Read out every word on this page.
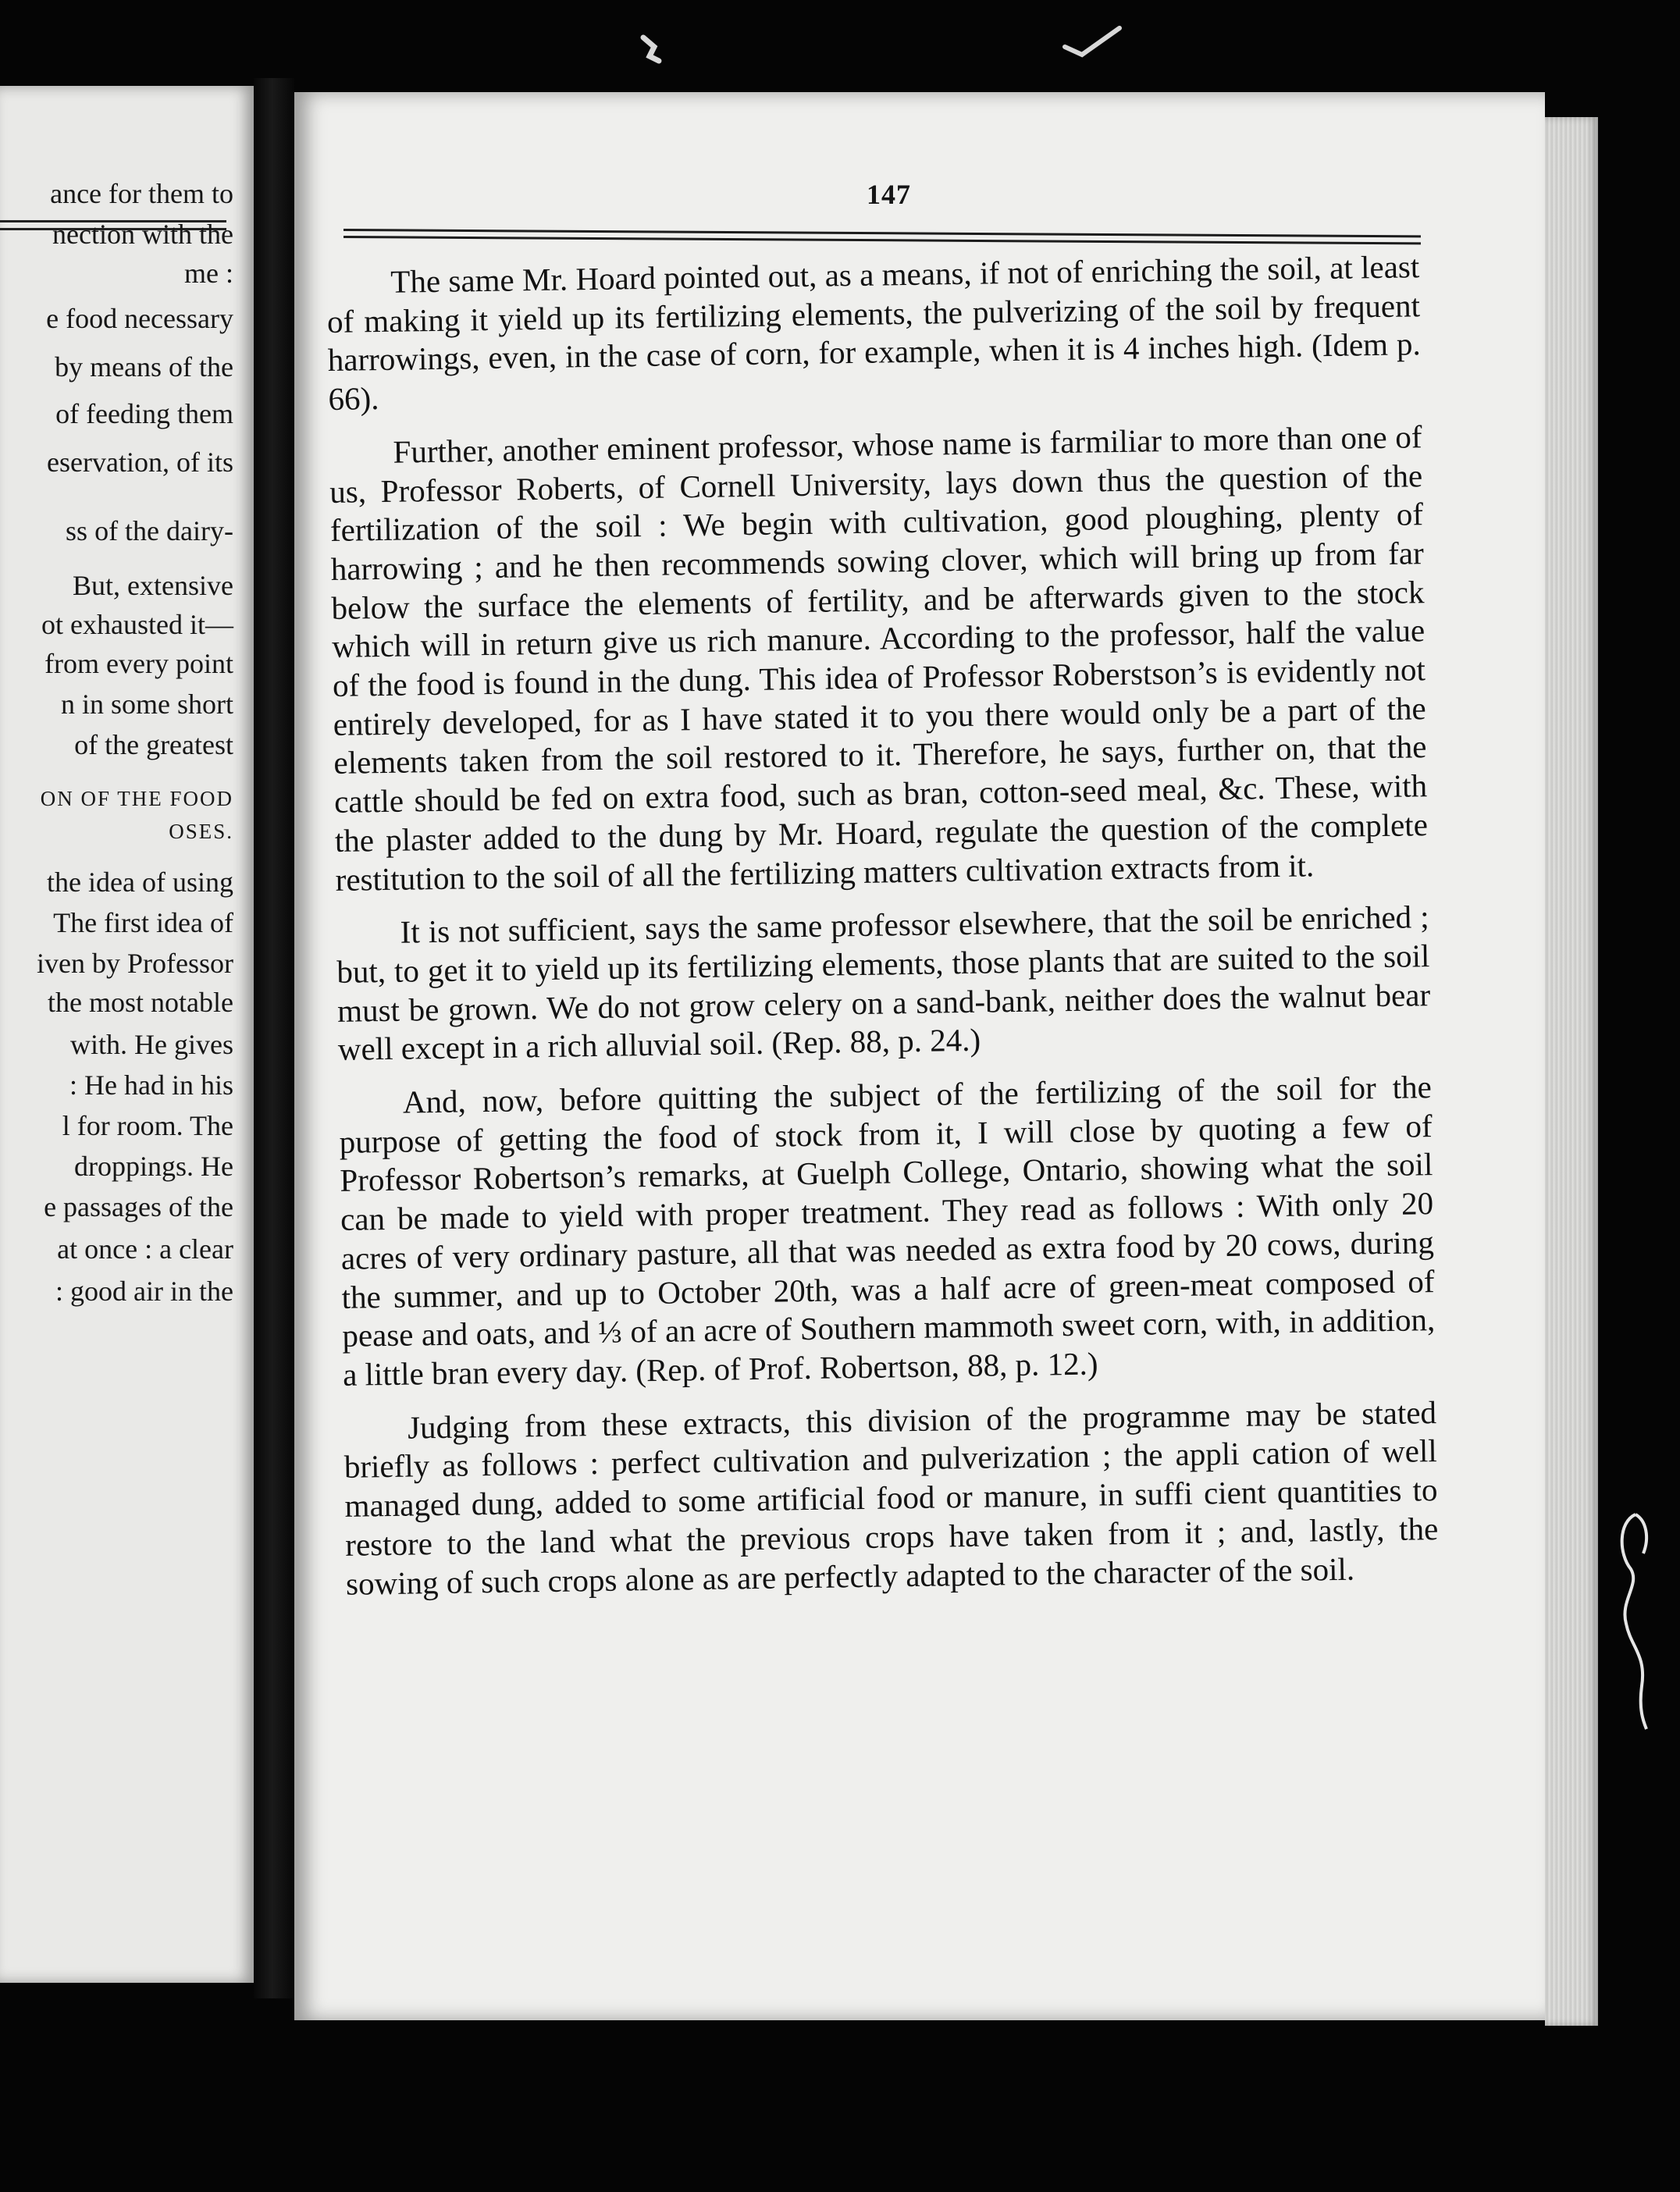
ance for them to
nection with the
me :
e food necessary
by means of the
of feeding them
eservation, of its
ss of the dairy-
But, extensive
ot exhausted it—
from every point
n in some short
of the greatest
ON OF THE FOOD
OSES.
the idea of using
The first idea of
iven by Professor
the most notable
with. He gives
: He had in his
l for room. The
droppings. He
e passages of the
at once : a clear
: good air in the
147

The same Mr. Hoard pointed out, as a means, if not of enriching the soil, at least of making it yield up its fertilizing elements, the pulverizing of the soil by frequent harrowings, even, in the case of corn, for example, when it is 4 inches high. (Idem p. 66).

Further, another eminent professor, whose name is farmiliar to more than one of us, Professor Roberts, of Cornell University, lays down thus the question of the fertilization of the soil : We begin with cultivation, good ploughing, plenty of harrowing ; and he then recommends sowing clover, which will bring up from far below the surface the elements of fertility, and be afterwards given to the stock which will in return give us rich manure. According to the professor, half the value of the food is found in the dung. This idea of Professor Roberstson’s is evidently not entirely developed, for as I have stated it to you there would only be a part of the elements taken from the soil restored to it. Therefore, he says, further on, that the cattle should be fed on extra food, such as bran, cotton-seed meal, &c. These, with the plaster added to the dung by Mr. Hoard, regulate the question of the complete restitution to the soil of all the fertilizing matters cultivation extracts from it.

It is not sufficient, says the same professor elsewhere, that the soil be enriched ; but, to get it to yield up its fertilizing elements, those plants that are suited to the soil must be grown. We do not grow celery on a sand-bank, neither does the walnut bear well except in a rich alluvial soil. (Rep. 88, p. 24.)

And, now, before quitting the subject of the fertilizing of the soil for the purpose of getting the food of stock from it, I will close by quoting a few of Professor Robertson’s remarks, at Guelph College, Ontario, showing what the soil can be made to yield with proper treatment. They read as follows : With only 20 acres of very ordinary pasture, all that was needed as extra food by 20 cows, during the summer, and up to October 20th, was a half acre of green-meat composed of pease and oats, and ⅓ of an acre of Southern mammoth sweet corn, with, in addition, a little bran every day. (Rep. of Prof. Robertson, 88, p. 12.)

Judging from these extracts, this division of the programme may be stated briefly as follows : perfect cultivation and pulverization ; the appli cation of well managed dung, added to some artificial food or manure, in suffi cient quantities to restore to the land what the previous crops have taken from it ; and, lastly, the sowing of such crops alone as are perfectly adapted to the character of the soil.
